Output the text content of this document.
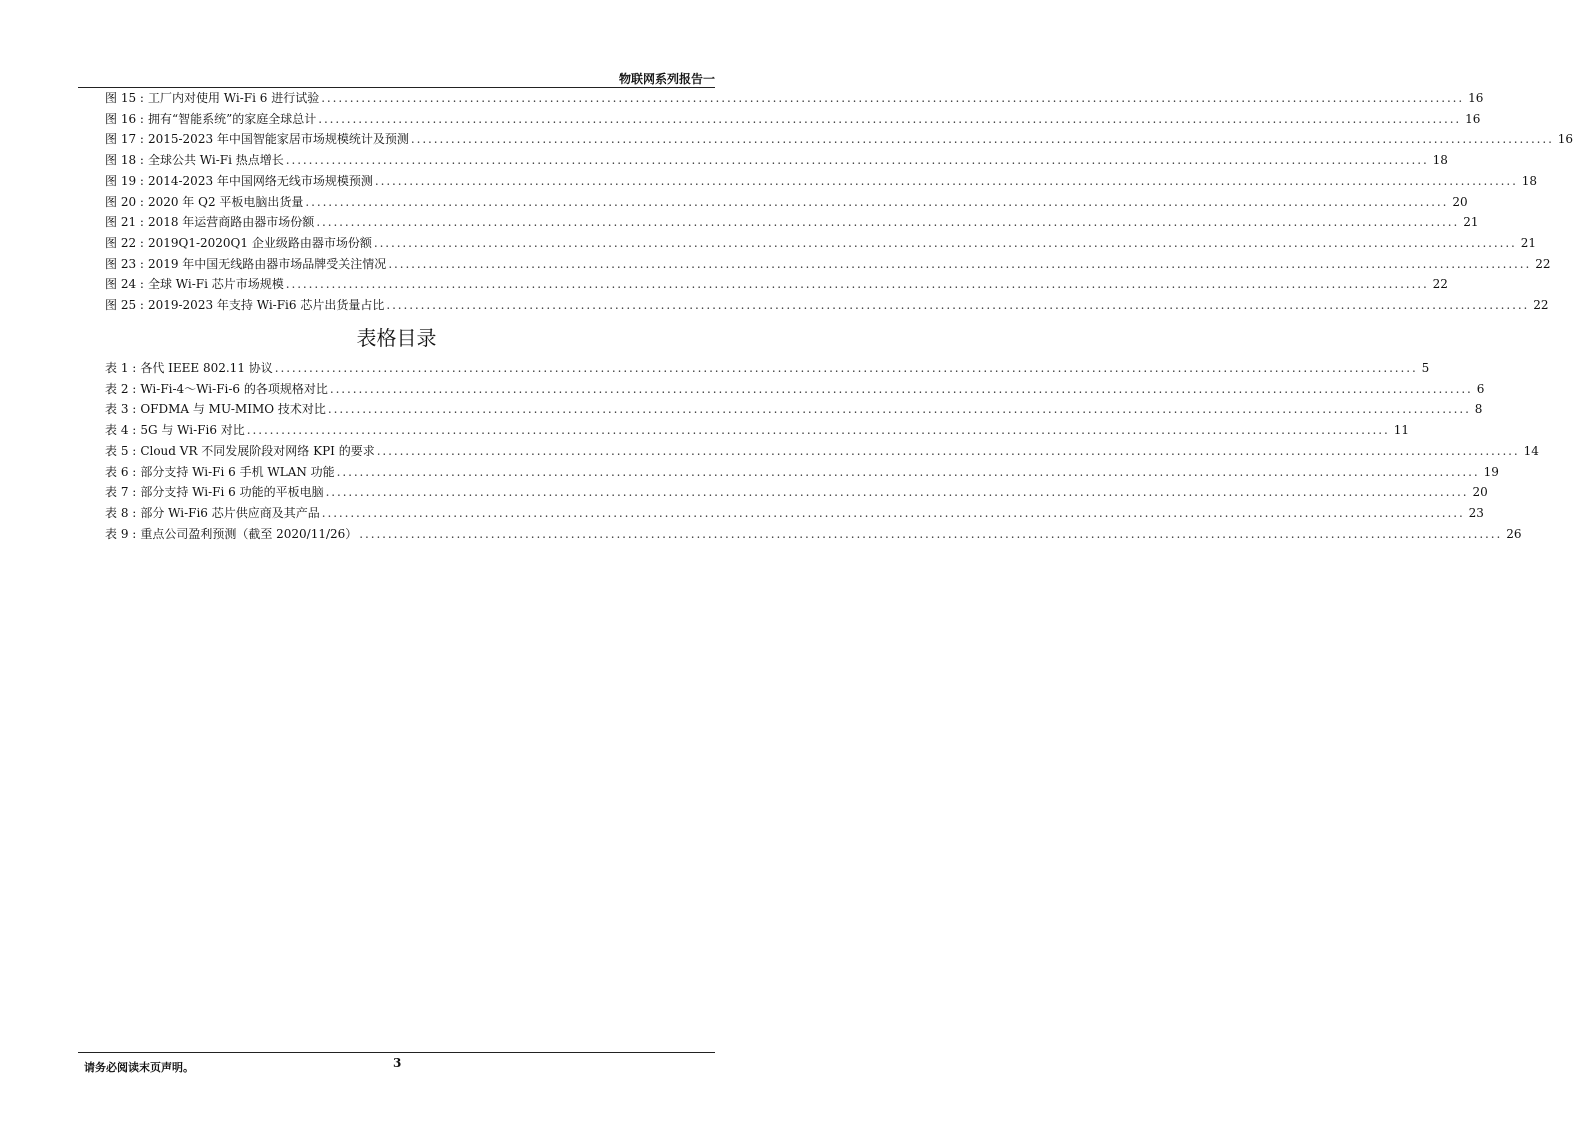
物联网系列报告一
图 15 : 工厂内对使用 Wi-Fi 6 进行试验 ........................................................................................................................................................................................................ 16
图 16 : 拥有“智能系统”的家庭全球总计 ........................................................................................................................................................................................................ 16
图 17 : 2015-2023 年中国智能家居市场规模统计及预测 ........................................................................................................................................................................................................ 16
图 18 : 全球公共 Wi-Fi 热点增长 ........................................................................................................................................................................................................ 18
图 19 : 2014-2023 年中国网络无线市场规模预测 ........................................................................................................................................................................................................ 18
图 20 : 2020 年 Q2 平板电脑出货量 ........................................................................................................................................................................................................ 20
图 21 : 2018 年运营商路由器市场份额 ........................................................................................................................................................................................................ 21
图 22 : 2019Q1-2020Q1 企业级路由器市场份额 ........................................................................................................................................................................................................ 21
图 23 : 2019 年中国无线路由器市场品牌受关注情况 ........................................................................................................................................................................................................ 22
图 24 : 全球 Wi-Fi 芯片市场规模 ........................................................................................................................................................................................................ 22
图 25 : 2019-2023 年支持 Wi-Fi6 芯片出货量占比 ........................................................................................................................................................................................................ 22
表格目录
表 1 : 各代 IEEE 802.11 协议 ........................................................................................................................................................................................................ 5
表 2 : Wi-Fi-4～Wi-Fi-6 的各项规格对比 ........................................................................................................................................................................................................ 6
表 3 : OFDMA 与 MU-MIMO 技术对比 ........................................................................................................................................................................................................ 8
表 4 : 5G 与 Wi-Fi6 对比 ........................................................................................................................................................................................................ 11
表 5 : Cloud VR 不同发展阶段对网络 KPI 的要求 ........................................................................................................................................................................................................ 14
表 6 : 部分支持 Wi-Fi 6 手机 WLAN 功能 ........................................................................................................................................................................................................ 19
表 7 : 部分支持 Wi-Fi 6 功能的平板电脑 ........................................................................................................................................................................................................ 20
表 8 : 部分 Wi-Fi6 芯片供应商及其产品 ........................................................................................................................................................................................................ 23
表 9 : 重点公司盈利预测（截至 2020/11/26） ........................................................................................................................................................................................................ 26
请务必阅读末页声明。	3
